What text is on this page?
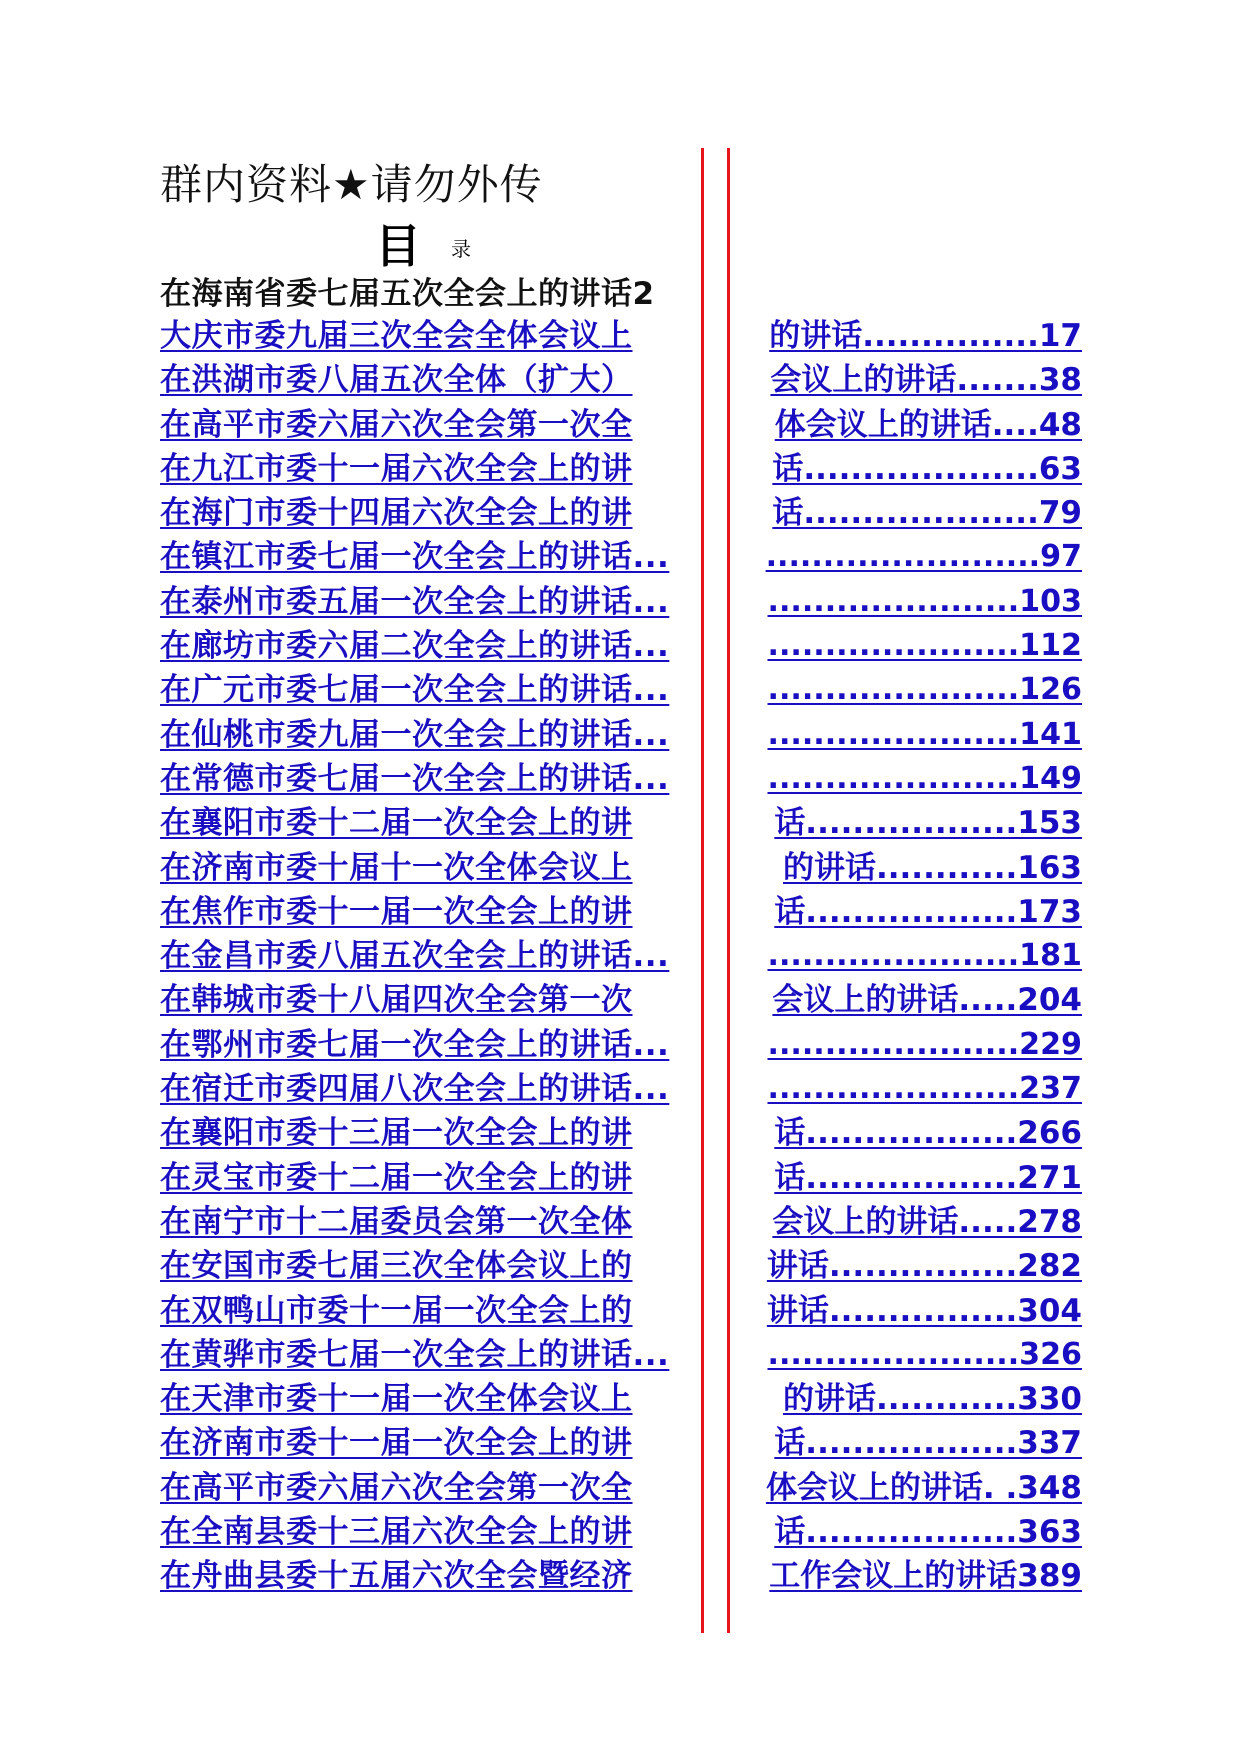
群内资料★请勿外传
目 录
在海南省委七届五次全会上的讲话2
大庆市委九届三次全会全体会议上	的讲话...............17
在洪湖市委八届五次全体（扩大）	会议上的讲话.......38
在高平市委六届六次全会第一次全	体会议上的讲话....48
在九江市委十一届六次全会上的讲	话....................63
在海门市委十四届六次全会上的讲	话....................79
在镇江市委七届一次全会上的讲话...	........................97
在泰州市委五届一次全会上的讲话...	......................103
在廊坊市委六届二次全会上的讲话...	......................112
在广元市委七届一次全会上的讲话...	......................126
在仙桃市委九届一次全会上的讲话...	......................141
在常德市委七届一次全会上的讲话...	......................149
在襄阳市委十二届一次全会上的讲	话..................153
在济南市委十届十一次全体会议上	的讲话............163
在焦作市委十一届一次全会上的讲	话..................173
在金昌市委八届五次全会上的讲话...	......................181
在韩城市委十八届四次全会第一次	会议上的讲话.....204
在鄂州市委七届一次全会上的讲话...	......................229
在宿迁市委四届八次全会上的讲话...	......................237
在襄阳市委十三届一次全会上的讲	话..................266
在灵宝市委十二届一次全会上的讲	话..................271
在南宁市十二届委员会第一次全体	会议上的讲话.....278
在安国市委七届三次全体会议上的	讲话................282
在双鸭山市委十一届一次全会上的	讲话................304
在黄骅市委七届一次全会上的讲话...	......................326
在天津市委十一届一次全体会议上	的讲话............330
在济南市委十一届一次全会上的讲	话..................337
在高平市委六届六次全会第一次全	体会议上的讲话. .348
在全南县委十三届六次全会上的讲	话..................363
在舟曲县委十五届六次全会暨经济	工作会议上的讲话389
